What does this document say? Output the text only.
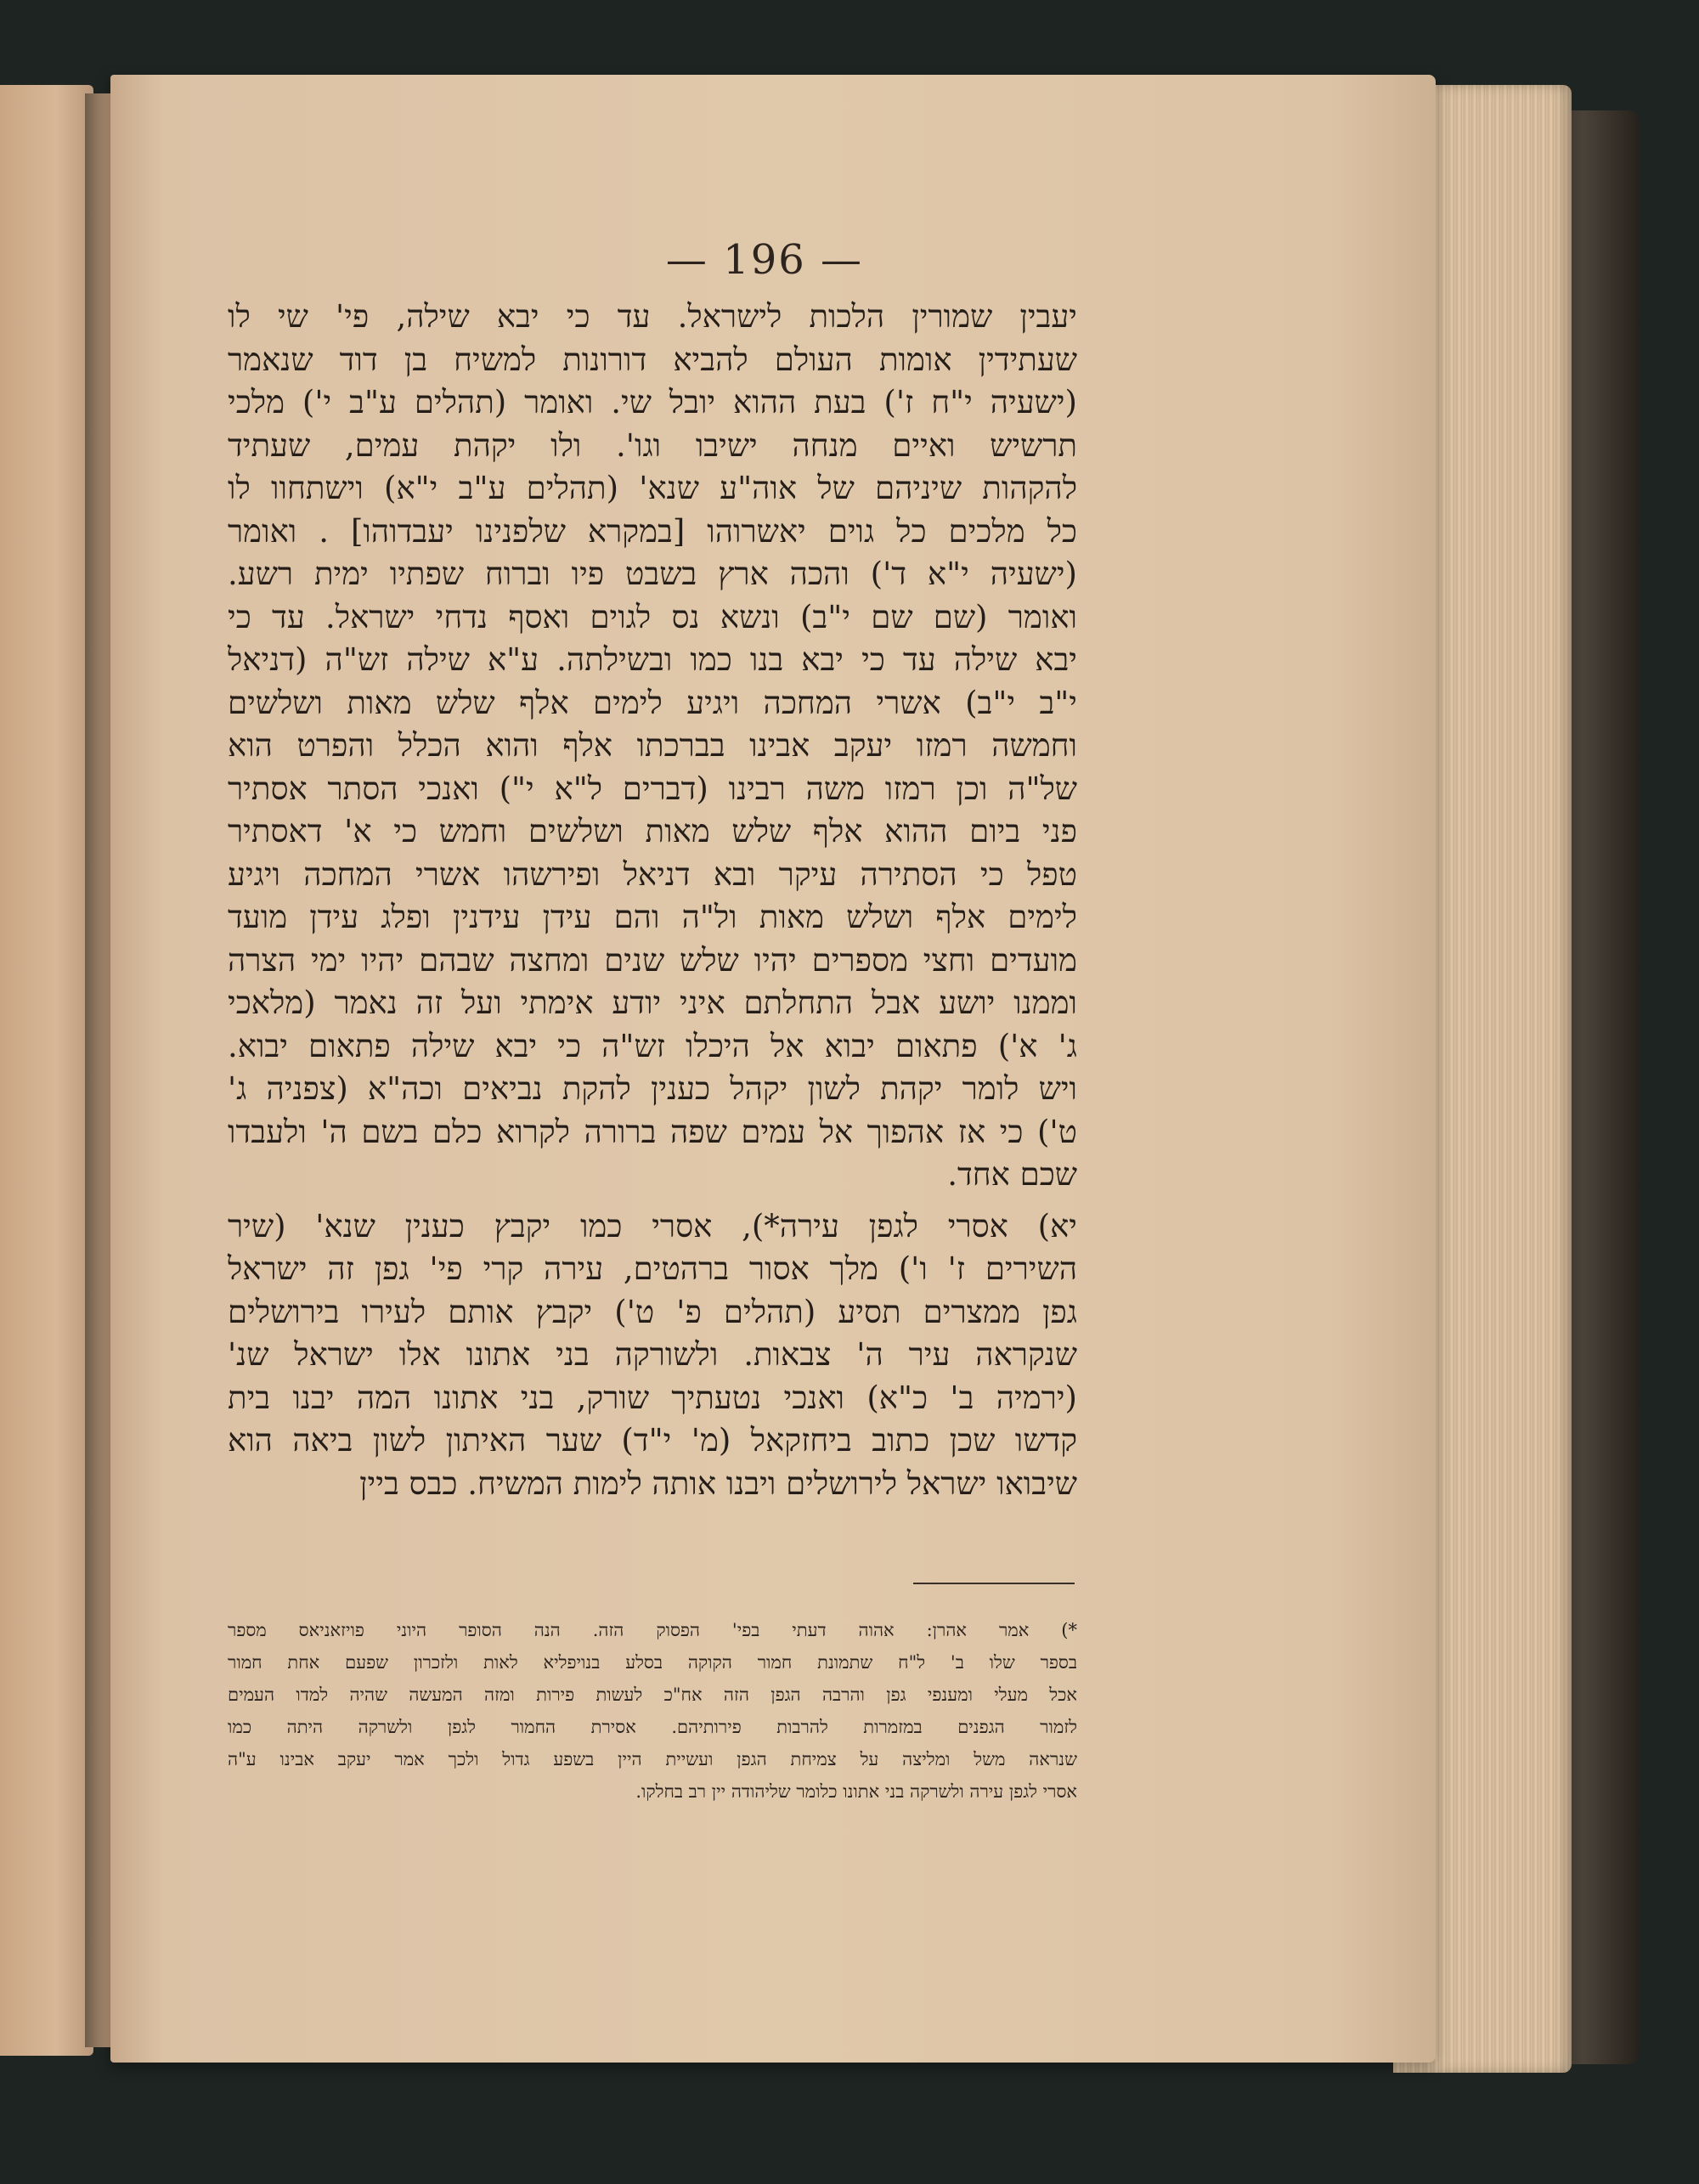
— 196 —
יעבין שמורין הלכות לישראל. עד כי יבא שילה, פי' שי לו
שעתידין אומות העולם להביא דורונות למשיח בן דוד שנאמר
(ישעיה י"ח ז') בעת ההוא יובל שי. ואומר (תהלים ע"ב י') מלכי
תרשיש ואיים מנחה ישיבו וגו'. ולו יקהת עמים, שעתיד
להקהות שיניהם של אוה"ע שנא' (תהלים ע"ב י"א) וישתחוו לו
כל מלכים כל גוים יאשרוהו [במקרא שלפנינו יעבדוהו] . ואומר
(ישעיה י"א ד') והכה ארץ בשבט פיו וברוח שפתיו ימית רשע.
ואומר (שם שם י"ב) ונשא נס לגוים ואסף נדחי ישראל. עד כי
יבא שילה עד כי יבא בנו כמו ובשילתה. ע"א שילה זש"ה (דניאל
י"ב י"ב) אשרי המחכה ויגיע לימים אלף שלש מאות ושלשים
וחמשה רמזו יעקב אבינו בברכתו אלף והוא הכלל והפרט הוא
של"ה וכן רמזו משה רבינו (דברים ל"א י") ואנכי הסתר אסתיר
פני ביום ההוא אלף שלש מאות ושלשים וחמש כי א' דאסתיר
טפל כי הסתירה עיקר ובא דניאל ופירשהו אשרי המחכה ויגיע
לימים אלף ושלש מאות ול"ה והם עידן עידנין ופלג עידן מועד
מועדים וחצי מספרים יהיו שלש שנים ומחצה שבהם יהיו ימי הצרה
וממנו יושע אבל התחלתם איני יודע אימתי ועל זה נאמר (מלאכי
ג' א') פתאום יבוא אל היכלו זש"ה כי יבא שילה פתאום יבוא.
ויש לומר יקהת לשון יקהל כענין להקת נביאים וכה"א (צפניה ג'
ט') כי אז אהפוך אל עמים שפה ברורה לקרוא כלם בשם ה' ולעבדו
שכם אחד.
יא) אסרי לגפן עירה*), אסרי כמו יקבץ כענין שנא' (שיר
השירים ז' ו') מלך אסור ברהטים, עירה קרי פי' גפן זה ישראל
גפן ממצרים תסיע (תהלים פ' ט') יקבץ אותם לעירו בירושלים
שנקראה עיר ה' צבאות. ולשורקה בני אתונו אלו ישראל שנ'
(ירמיה ב' כ"א) ואנכי נטעתיך שורק, בני אתונו המה יבנו בית
קדשו שכן כתוב ביחזקאל (מ' י"ד) שער האיתון לשון ביאה הוא
שיבואו ישראל לירושלים ויבנו אותה לימות המשיח. כבס ביין
*) אמר אהרן: אהוה דעתי בפי' הפסוק הזה. הנה הסופר היוני פויזאניאס מספר
בספר שלו ב' ל"ח שתמונת חמור הקוקה בסלע בנויפליא לאות ולזכרון שפעם אחת חמור
אכל מעלי ומענפי גפן והרבה הגפן הזה אח"כ לעשות פירות ומזה המעשה שהיה למדו העמים
לזמור הגפנים במזמרות להרבות פירותיהם. אסירת החמור לגפן ולשרקה היתה כמו
שנראה משל ומליצה על צמיחת הגפן ועשיית היין בשפע גדול ולכך אמר יעקב אבינו ע"ה
אסרי לגפן עירה ולשרקה בני אתונו כלומר שליהודה יין רב בחלקו.
